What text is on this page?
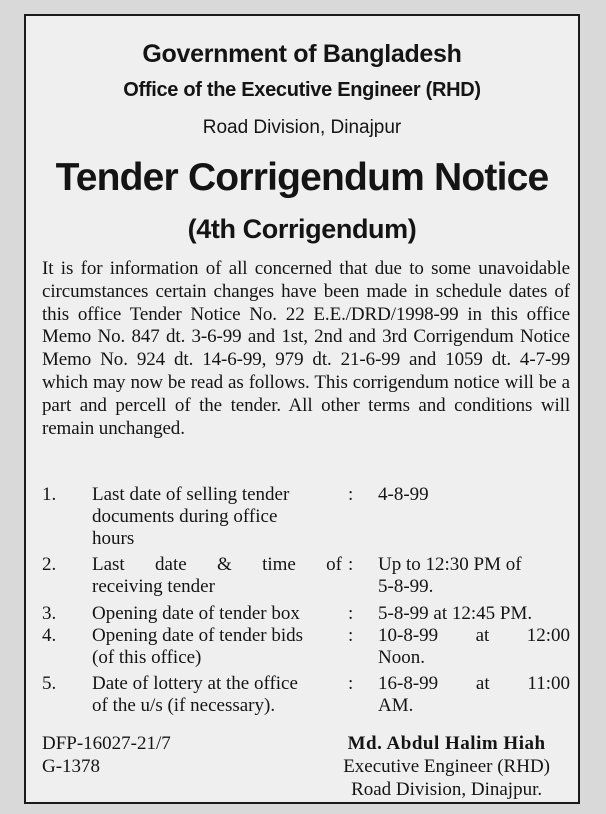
Government of Bangladesh
Office of the Executive Engineer (RHD)
Road Division, Dinajpur
Tender Corrigendum Notice
(4th Corrigendum)
It is for information of all concerned that due to some unavoidable circumstances certain changes have been made in schedule dates of this office Tender Notice No. 22 E.E./DRD/1998-99 in this office Memo No. 847 dt. 3-6-99 and 1st, 2nd and 3rd Corrigendum Notice Memo No. 924 dt. 14-6-99, 979 dt. 21-6-99 and 1059 dt. 4-7-99 which may now be read as follows. This corrigendum notice will be a part and percell of the tender. All other terms and conditions will remain unchanged.
1. Last date of selling tender
documents during office
hours
: 4-8-99
2. Last date & time of
receiving tender
: Up to 12:30 PM of
5-8-99.
3. Opening date of tender box	: 5-8-99 at 12:45 PM.
4. Opening date of tender bids
(of this office)
: 10-8-99 at 12:00
Noon.
5. Date of lottery at the office
of the u/s (if necessary).
: 16-8-99 at 11:00
AM.
DFP-16027-21/7
G-1378
Md. Abdul Halim Hiah
Executive Engineer (RHD)
Road Division, Dinajpur.
